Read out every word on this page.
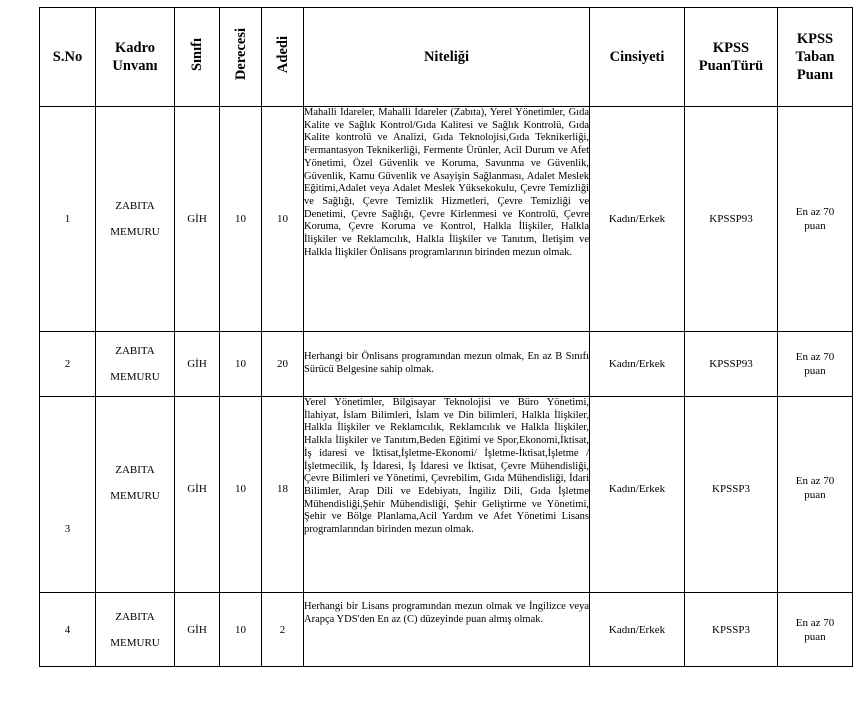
S.No	Kadro Unvanı	Sınıfı	Derecesi	Adedi	Niteliği	Cinsiyeti	KPSS PuanTürü	KPSS Taban Puanı
1	ZABITA MEMURU	GİH	10	10	Mahalli İdareler, Mahalli İdareler (Zabıta), Yerel Yönetimler, Gıda Kalite ve Sağlık Kontrol/Gıda Kalitesi ve Sağlık Kontrolü, Gıda Kalite kontrolü ve Analizi, Gıda Teknolojisi,Gıda Teknikerliği, Fermantasyon Teknikerliği, Fermente Ürünler, Acil Durum ve Afet Yönetimi, Özel Güvenlik ve Koruma, Savunma ve Güvenlik, Güvenlik, Kamu Güvenlik ve Asayişin Sağlanması, Adalet Meslek Eğitimi,Adalet veya Adalet Meslek Yüksekokulu, Çevre Temizliği ve Sağlığı, Çevre Temizlik Hizmetleri, Çevre Temizliği ve Denetimi, Çevre Sağlığı, Çevre Kirlenmesi ve Kontrolü, Çevre Koruma, Çevre Koruma ve Kontrol, Halkla İlişkiler, Halkla İlişkiler ve Reklamcılık, Halkla İlişkiler ve Tanıtım, İletişim ve Halkla İlişkiler Önlisans programlarının birinden mezun olmak.	Kadın/Erkek	KPSSP93	En az 70 puan
2	ZABITA MEMURU	GİH	10	20	Herhangi bir Önlisans programından mezun olmak, En az B Sınıfı Sürücü Belgesine sahip olmak.	Kadın/Erkek	KPSSP93	En az 70 puan
3	ZABITA MEMURU	GİH	10	18	Yerel Yönetimler, Bilgisayar Teknolojisi ve Büro Yönetimi, İlahiyat, İslam Bilimleri, İslam ve Din bilimleri, Halkla İlişkiler, Halkla İlişkiler ve Reklamcılık, Reklamcılık ve Halkla İlişkiler, Halkla İlişkiler ve Tanıtım,Beden Eğitimi ve Spor,Ekonomi,İktisat, İş idaresi ve İktisat,İşletme-Ekonomi/ İşletme-İktisat,İşletme / İşletmecilik, İş İdaresi, İş İdaresi ve İktisat, Çevre Mühendisliği, Çevre Bilimleri ve Yönetimi, Çevrebilim, Gıda Mühendisliği, İdari Bilimler, Arap Dili ve Edebiyatı, İngiliz Dili, Gıda İşletme Mühendisliği,Şehir Mühendisliği, Şehir Geliştirme ve Yönetimi, Şehir ve Bölge Planlama,Acil Yardım ve Afet Yönetimi Lisans programlarından birinden mezun olmak.	Kadın/Erkek	KPSSP3	En az 70 puan
4	ZABITA MEMURU	GİH	10	2	Herhangi bir Lisans programından mezun olmak ve İngilizce veya Arapça YDS'den En az (C) düzeyinde puan almış olmak.	Kadın/Erkek	KPSSP3	En az 70 puan
